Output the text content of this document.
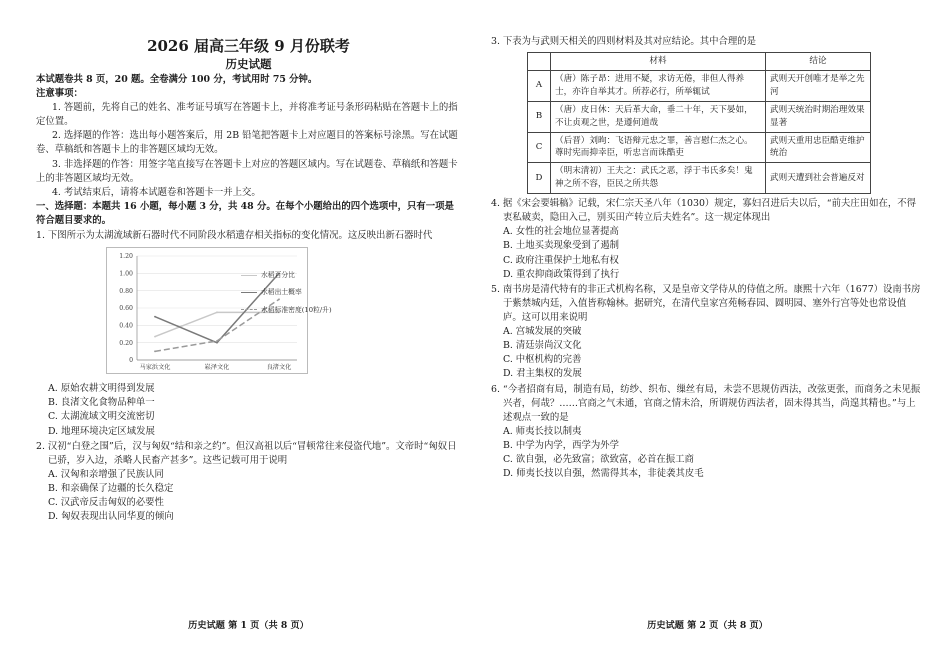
2026 届高三年级 9 月份联考

历史试题

本试题卷共 8 页，20 题。全卷满分 100 分，考试用时 75 分钟。

注意事项：

1. 答题前，先将自己的姓名、准考证号填写在答题卡上，并将准考证号条形码粘贴在答题卡上的指定位置。

2. 选择题的作答：选出每小题答案后，用 2B 铅笔把答题卡上对应题目的答案标号涂黑。写在试题卷、草稿纸和答题卡上的非答题区域均无效。

3. 非选择题的作答：用签字笔直接写在答题卡上对应的答题区域内。写在试题卷、草稿纸和答题卡上的非答题区域均无效。

4. 考试结束后，请将本试题卷和答题卡一并上交。

一、选择题：本题共 16 小题，每小题 3 分，共 48 分。在每个小题给出的四个选项中，只有一项是符合题目要求的。

1. 下图所示为太湖流域新石器时代不同阶段水稻遗存相关指标的变化情况。这反映出新石器时代

0
0.20
0.40
0.60
0.80
1.00
1.20
马家浜文化	崧泽文化	良渚文化
水稻百分比
水稻出土概率
水稻标准密度(10粒/升)

A. 原始农耕文明得到发展

B. 良渚文化食物品种单一

C. 太湖流域文明交流密切

D. 地理环境决定区域发展

2. 汉初“白登之围”后，汉与匈奴“结和亲之约”。但汉高祖以后“冒顿常往来侵盗代地”。文帝时“匈奴日已骄，岁入边，杀略人民畜产甚多”。这些记载可用于说明

A. 汉匈和亲增强了民族认同

B. 和亲确保了边疆的长久稳定

C. 汉武帝反击匈奴的必要性

D. 匈奴表现出认同华夏的倾向

历史试题 第 1 页（共 8 页）

3. 下表为与武则天相关的四则材料及其对应结论。其中合理的是

	材料	结论
A	（唐）陈子昂：进用不疑，求访无倦，非但人得养士，亦许自举其才。所荐必行，所举辄试	武则天开创唯才是举之先河
B	（唐）皮日休：天后革大命，垂二十年，天下晏如，不让贞观之世，是遵何道哉	武则天统治时期治理效果显著
C	（后晋）刘昫：飞语辩元忠之罪，善言慰仁杰之心。尊时宪而抑幸臣，听忠言而诛酷吏	武则天重用忠臣酷吏维护统治
D	（明末清初）王夫之：武氏之恶，浮于韦氏多矣！鬼神之所不容，臣民之所共怨	武则天遭到社会普遍反对

4. 据《宋会要辑稿》记载，宋仁宗天圣八年（1030）规定，寡妇召进后夫以后，“前夫庄田如在，不得衷私破卖，隐田入己，别买田产转立后夫姓名”。这一规定体现出

A. 女性的社会地位显著提高

B. 土地买卖现象受到了遏制

C. 政府注重保护土地私有权

D. 重农抑商政策得到了执行

5. 南书房是清代特有的非正式机构名称，又是皇帝文学侍从的侍值之所。康熙十六年（1677）设南书房于紫禁城内廷，入值皆称翰林。据研究，在清代皇家宫苑畅春园、圆明园、塞外行宫等处也常设值庐。这可以用来说明

A. 宫城发展的突破

B. 清廷崇尚汉文化

C. 中枢机构的完善

D. 君主集权的发展

6. “今者招商有局，制造有局，纺纱、织布、缫丝有局，未尝不思规仿西法，改弦更张，而商务之未见振兴者，何哉？……官商之气未通，官商之情未洽，所谓规仿西法者，固未得其当，尚遑其精也。”与上述观点一致的是

A. 师夷长技以制夷

B. 中学为内学，西学为外学

C. 欲自强，必先致富；欲致富，必首在振工商

D. 师夷长技以自强，然需得其本，非徒袭其皮毛

历史试题 第 2 页（共 8 页）
